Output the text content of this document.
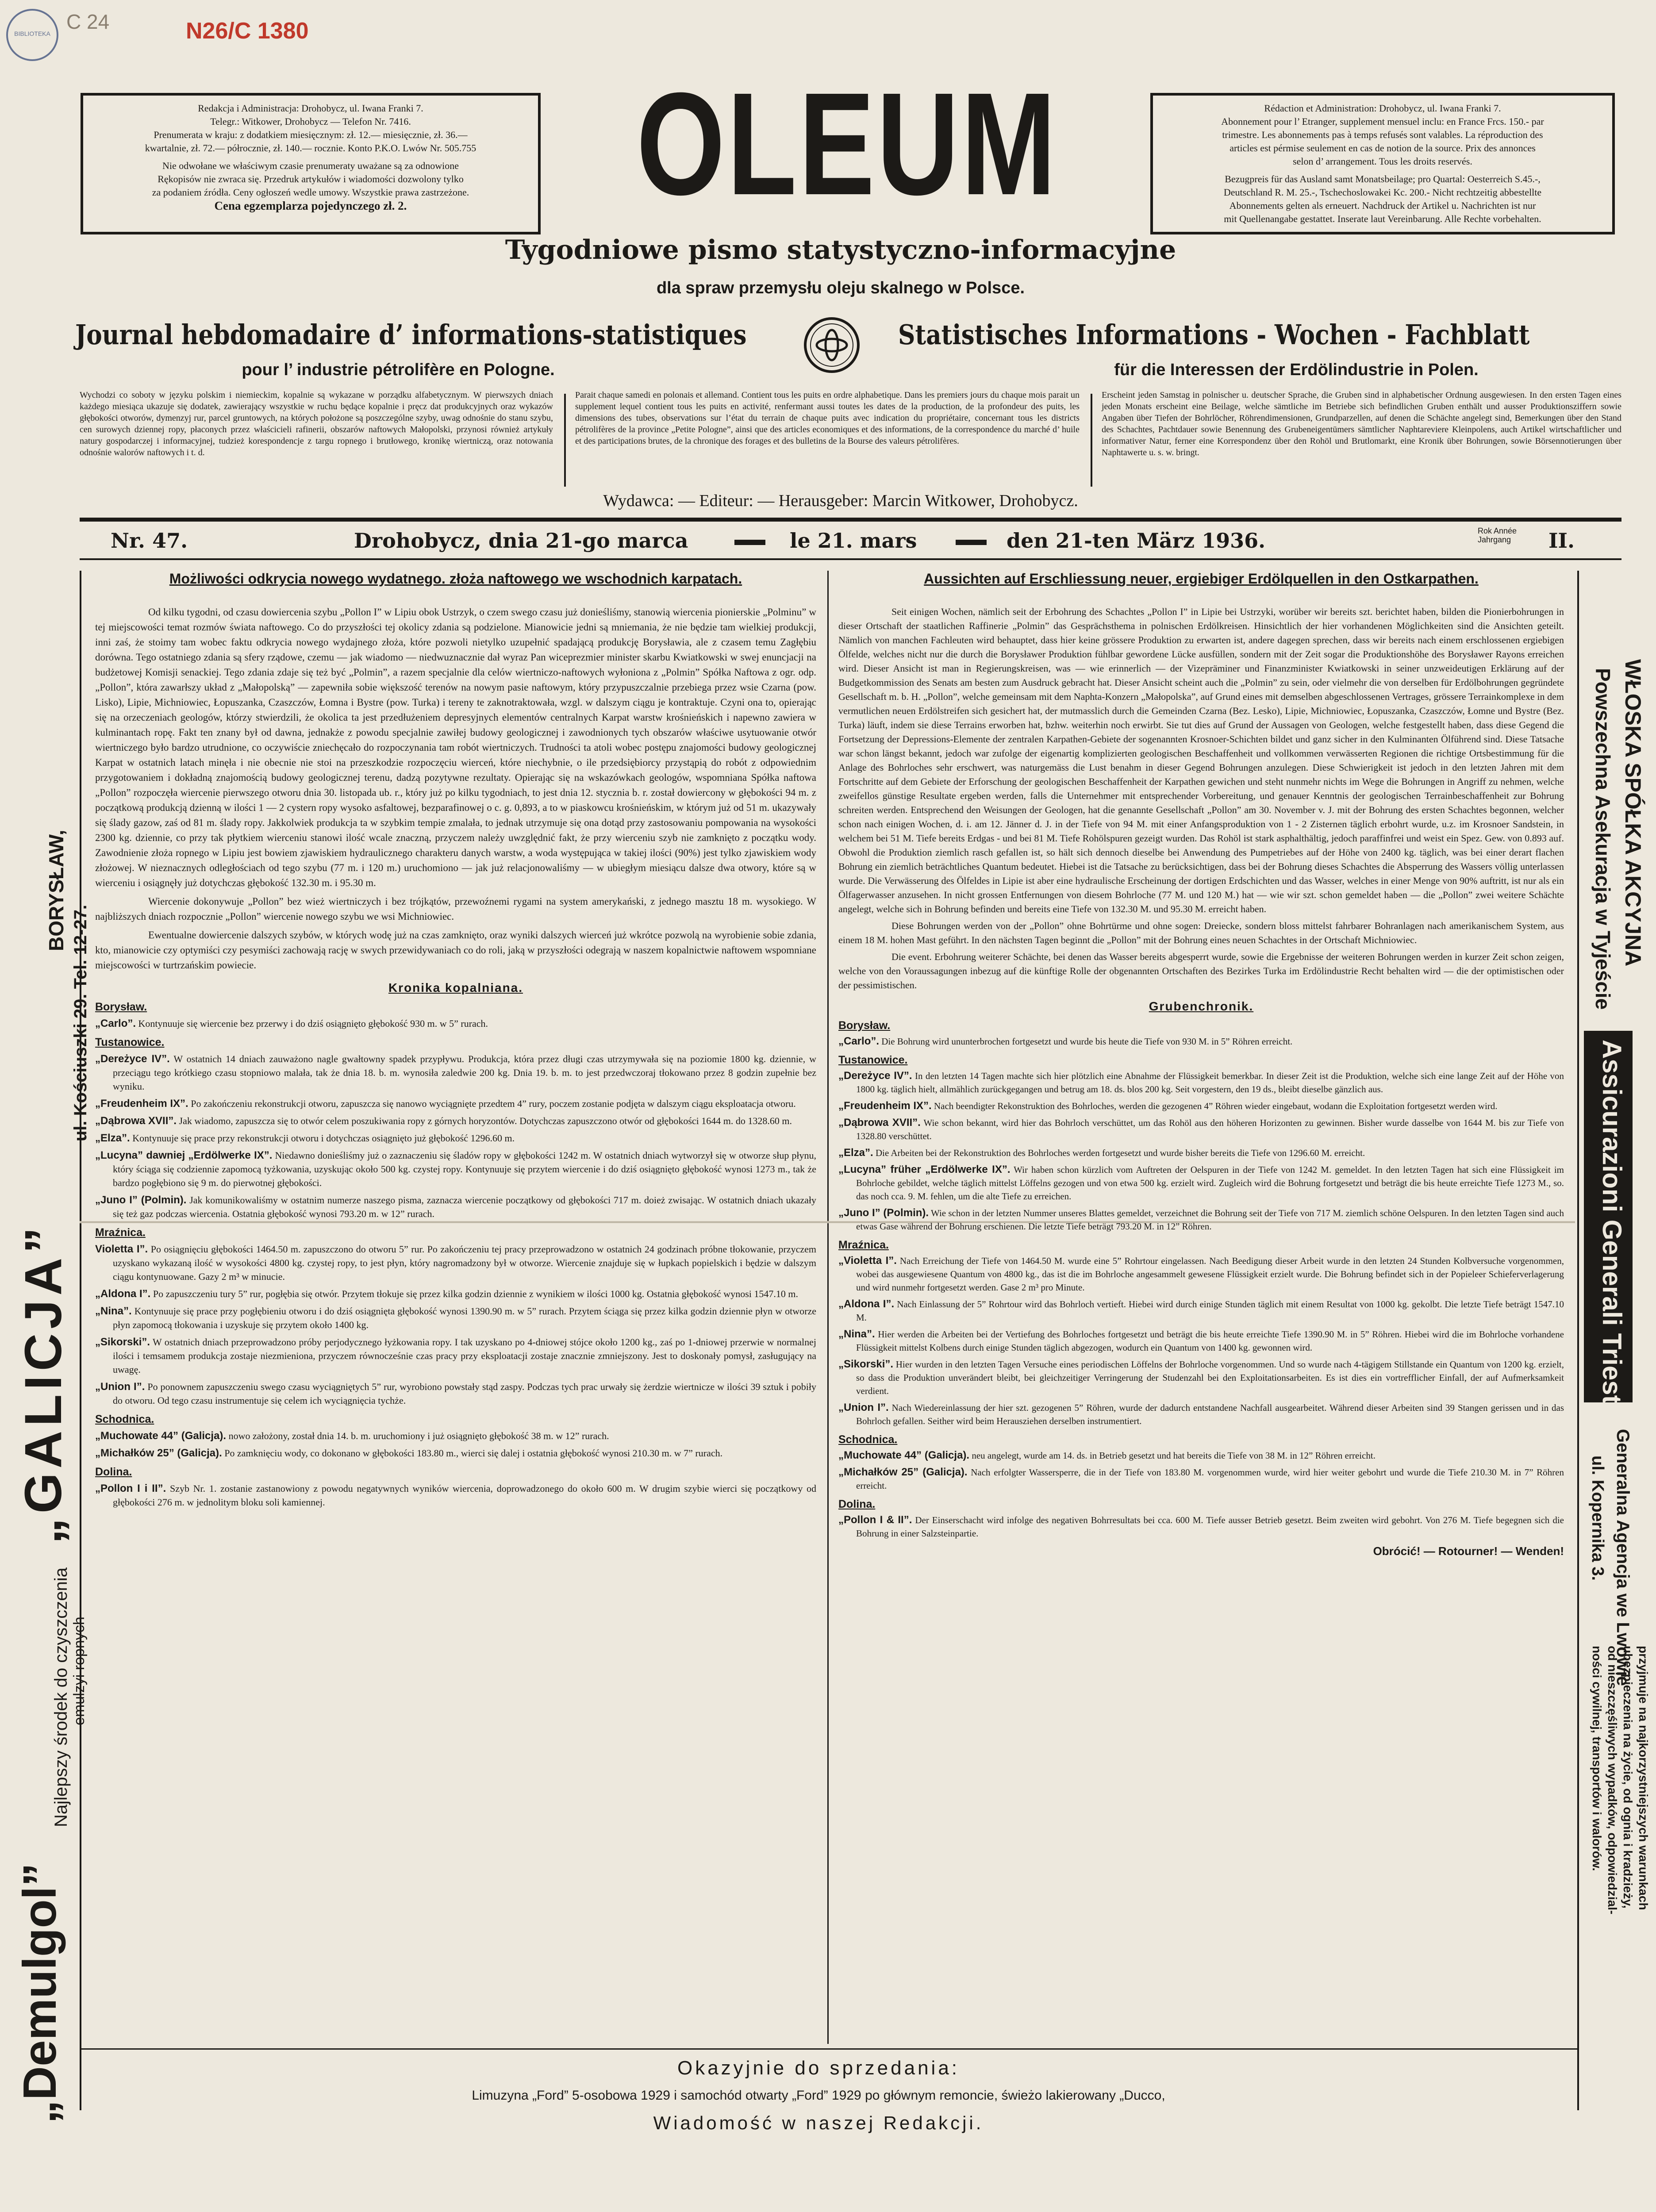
BIBLIOTEKA
C 24	N26/C 1380
Redakcja i Administracja: Drohobycz, ul. Iwana Franki 7.
Telegr.: Witkower, Drohobycz — Telefon Nr. 7416.
Prenumerata w kraju: z dodatkiem miesięcznym: zł. 12.— miesięcznie, zł. 36.—
kwartalnie, zł. 72.— półrocznie, zł. 140.— rocznie. Konto P.K.O. Lwów Nr. 505.755
Nie odwołane we właściwym czasie prenumeraty uważane są za odnowione
Rękopisów nie zwraca się. Przedruk artykułów i wiadomości dozwolony tylko
za podaniem źródła. Ceny ogłoszeń wedle umowy. Wszystkie prawa zastrzeżone.
Cena egzemplarza pojedynczego zł. 2.
Rédaction et Administration: Drohobycz, ul. Iwana Franki 7.
Abonnement pour l’ Etranger, supplement mensuel inclu: en France Frcs. 150.- par
trimestre. Les abonnements pas à temps refusés sont valables. La réproduction des
articles est pérmise seulement en cas de notion de la source. Prix des annonces
selon d’ arrangement. Tous les droits reservés.
Bezugpreis für das Ausland samt Monatsbeilage; pro Quartal: Oesterreich S.45.-,
Deutschland R. M. 25.-, Tschechoslowakei Kc. 200.- Nicht rechtzeitig abbestellte
Abonnements gelten als erneuert. Nachdruck der Artikel u. Nachrichten ist nur
mit Quellenangabe gestattet. Inserate laut Vereinbarung. Alle Rechte vorbehalten.
OLEUM
Tygodniowe pismo statystyczno-informacyjne
dla spraw przemysłu oleju skalnego w Polsce.
Journal hebdomadaire d’ informations-statistiques
pour l’ industrie pétrolifère en Pologne.
Statistisches Informations - Wochen - Fachblatt
für die Interessen der Erdölindustrie in Polen.
Wychodzi co soboty w języku polskim i niemieckim, kopalnie są wykazane w porządku alfabetycznym. W pierwszych dniach każdego miesiąca ukazuje się dodatek, zawierający wszystkie w ruchu będące kopalnie i pręcz dat produkcyjnych oraz wykazów głębokości otworów, dymenzyj rur, parcel gruntowych, na których położone są poszczególne szyby, uwag odnośnie do stanu szybu, cen surowych dziennej ropy, płaconych przez właścicieli rafinerii, obszarów naftowych Małopolski, przynosi również artykuły natury gospodarczej i informacyjnej, tudzież korespondencje z targu ropnego i brutłowego, kronikę wiertniczą, oraz notowania odnośnie walorów naftowych i t. d.
Parait chaque samedi en polonais et allemand. Contient tous les puits en ordre alphabetique. Dans les premiers jours du chaque mois parait un supplement lequel contient tous les puits en activité, renfermant aussi toutes les dates de la production, de la profondeur des puits, les dimensions des tubes, observations sur l’état du terrain de chaque puits avec indication du propriétaire, concernant tous les districts pétrolifères de la province „Petite Pologne”, ainsi que des articles economiques et des informations, de la correspondence du marché d’ huile et des participations brutes, de la chronique des forages et des bulletins de la Bourse des valeurs pétrolifères.
Erscheint jeden Samstag in polnischer u. deutscher Sprache, die Gruben sind in alphabetischer Ordnung ausgewiesen. In den ersten Tagen eines jeden Monats erscheint eine Beilage, welche sämtliche im Betriebe sich befindlichen Gruben enthält und ausser Produktionsziffern sowie Angaben über Tiefen der Bohrlöcher, Röhrendimensionen, Grundparzellen, auf denen die Schächte angelegt sind, Bemerkungen über den Stand des Schachtes, Pachtdauer sowie Benennung des Grubeneigentümers sämtlicher Naphtareviere Kleinpolens, auch Artikel wirtschaftlicher und informativer Natur, ferner eine Korrespondenz über den Rohöl und Brutlomarkt, eine Kronik über Bohrungen, sowie Börsennotierungen über Naphtawerte u. s. w. bringt.
Wydawca: — Editeur: — Herausgeber: Marcin Witkower, Drohobycz.
Nr. 47.	Drohobycz, dnia 21-go marca	le 21. mars	den 21-ten März 1936.	Rok Année Jahrgang	II.
BORYSŁAW,
ul. Kościuszki 29. Tel. 12-27.
„GALICJA”
„Demulgol”
Najlepszy środek do czyszczenia emulzyi ropnych
WŁOSKA SPÓŁKA AKCYJNA
Powszechna Asekuracja w Tyjeście
Assicurazioni Generali Trieste
Generalna Agencja we Lwowie
ul. Kopernika 3.
przyjmuje na najkorzystniejszych warunkach
ubezpieczenia na życie, od ognia i kradzieży,
od nieszczęśliwych wypadków, odpowiedzial-
ności cywilnej, transportów i walorów.
Możliwości odkrycia nowego wydatnego. złoża naftowego we wschodnich karpatach.
Od kilku tygodni, od czasu dowiercenia szybu „Pollon I” w Lipiu obok Ustrzyk, o czem swego czasu już donieśliśmy, stanowią wiercenia pionierskie „Polminu” w tej miejscowości temat rozmów świata naftowego. Co do przyszłości tej okolicy zdania są podzielone. Mianowicie jedni są mniemania, że nie będzie tam wielkiej produkcji, inni zaś, że stoimy tam wobec faktu odkrycia nowego wydajnego złoża, które pozwoli nietylko uzupełnić spadającą produkcję Borysławia, ale z czasem temu Zagłębiu dorówna. Tego ostatniego zdania są sfery rządowe, czemu — jak wiadomo — niedwuznacznie dał wyraz Pan wiceprezmier minister skarbu Kwiatkowski w swej enuncjacji na budżetowej Komisji senackiej. Tego zdania zdaje się też być „Polmin”, a razem specjalnie dla celów wiertniczo-naftowych wyłoniona z „Polmin” Spółka Naftowa z ogr. odp. „Pollon”, która zawarłszy układ z „Małopolską” — zapewniła sobie większość terenów na nowym pasie naftowym, który przypuszczalnie przebiega przez wsie Czarna (pow. Lisko), Lipie, Michniowiec, Łopuszanka, Czaszczów, Łomna i Bystre (pow. Turka) i tereny te zaknotraktowała, wzgl. w dalszym ciągu je kontraktuje. Czyni ona to, opierając się na orzeczeniach geologów, którzy stwierdzili, że okolica ta jest przedłużeniem depresyjnych elementów centralnych Karpat warstw krośnieńskich i napewno zawiera w kulminantach ropę. Fakt ten znany był od dawna, jednakże z powodu specjalnie zawiłej budowy geologicznej i zawodnionych tych obszarów właściwe usytuowanie otwór wiertniczego było bardzo utrudnione, co oczywiście zniechęcało do rozpoczynania tam robót wiertniczych. Trudności ta atoli wobec postępu znajomości budowy geologicznej Karpat w ostatnich latach minęła i nie obecnie nie stoi na przeszkodzie rozpoczęciu wierceń, które niechybnie, o ile przedsiębiorcy przystąpią do robót z odpowiednim przygotowaniem i dokładną znajomością budowy geologicznej terenu, dadzą pozytywne rezultaty. Opierając się na wskazówkach geologów, wspomniana Spółka naftowa „Pollon” rozpoczęła wiercenie pierwszego otworu dnia 30. listopada ub. r., który już po kilku tygodniach, to jest dnia 12. stycznia b. r. został dowiercony w głębokości 94 m. z początkową produkcją dzienną w ilości 1 — 2 cystern ropy wysoko asfaltowej, bezparafinowej o c. g. 0,893, a to w piaskowcu krośnieńskim, w którym już od 51 m. ukazywały się ślady gazow, zaś od 81 m. ślady ropy. Jakkolwiek produkcja ta w szybkim tempie zmalała, to jednak utrzymuje się ona dotąd przy zastosowaniu pompowania na wysokości 2300 kg. dziennie, co przy tak płytkiem wierceniu stanowi ilość wcale znaczną, przyczem należy uwzględnić fakt, że przy wierceniu szyb nie zamknięto z początku wody. Zawodnienie złoża ropnego w Lipiu jest bowiem zjawiskiem hydraulicznego charakteru danych warstw, a woda występująca w takiej ilości (90%) jest tylko zjawiskiem wody złożowej. W nieznacznych odległościach od tego szybu (77 m. i 120 m.) uruchomiono — jak już relacjonowaliśmy — w ubiegłym miesiącu dalsze dwa otwory, które są w wierceniu i osiągnęły już dotychczas głębokość 132.30 m. i 95.30 m.
Wiercenie dokonywuje „Pollon” bez wież wiertniczych i bez trójkątów, przewoźnemi rygami na system amerykański, z jednego masztu 18 m. wysokiego. W najbliższych dniach rozpocznie „Pollon” wiercenie nowego szybu we wsi Michniowiec.
Ewentualne dowiercenie dalszych szybów, w których wodę już na czas zamknięto, oraz wyniki dalszych wierceń już wkrótce pozwolą na wyrobienie sobie zdania, kto, mianowicie czy optymiści czy pesymiści zachowają rację w swych przewidywaniach co do roli, jaką w przyszłości odegrają w naszem kopalnictwie naftowem wspomniane miejscowości w turtrzańskim powiecie.
Kronika kopalniana.
Borysław.
„Carlo”. Kontynuuje się wiercenie bez przerwy i do dziś osiągnięto głębokość 930 m. w 5” rurach.
Tustanowice.
„Dereżyce IV”. W ostatnich 14 dniach zauważono nagle gwałtowny spadek przypływu. Produkcja, która przez długi czas utrzymywała się na poziomie 1800 kg. dziennie, w przeciągu tego krótkiego czasu stopniowo malała, tak że dnia 18. b. m. wynosiła zaledwie 200 kg. Dnia 19. b. m. to jest przedwczoraj tłokowano przez 8 godzin zupełnie bez wyniku.
„Freudenheim IX”. Po zakończeniu rekonstrukcji otworu, zapuszcza się nanowo wyciągnięte przedtem 4” rury, poczem zostanie podjęta w dalszym ciągu eksploatacja otworu.
„Dąbrowa XVII”. Jak wiadomo, zapuszcza się to otwór celem poszukiwania ropy z górnych horyzontów. Dotychczas zapuszczono otwór od głębokości 1644 m. do 1328.60 m.
„Elza”. Kontynuuje się prace przy rekonstrukcji otworu i dotychczas osiągnięto już głębokość 1296.60 m.
„Lucyna” dawniej „Erdölwerke IX”. Niedawno donieśliśmy już o zaznaczeniu się śladów ropy w głębokości 1242 m. W ostatnich dniach wytworzył się w otworze słup płynu, który ściąga się codziennie zapomocą tyżkowania, uzyskując około 500 kg. czystej ropy. Kontynuuje się przytem wiercenie i do dziś osiągnięto głębokość wynosi 1273 m., tak że bardzo pogłębiono się 9 m. do pierwotnej głębokości.
„Juno I” (Polmin). Jak komunikowaliśmy w ostatnim numerze naszego pisma, zaznacza wiercenie początkowy od głębokości 717 m. doież zwisając. W ostatnich dniach ukazały się też gaz podczas wiercenia. Ostatnia głębokość wynosi 793.20 m. w 12” rurach.
Mraźnica.
Violetta I”. Po osiągnięciu głębokości 1464.50 m. zapuszczono do otworu 5” rur. Po zakończeniu tej pracy przeprowadzono w ostatnich 24 godzinach próbne tłokowanie, przyczem uzyskano wykazaną ilość w wysokości 4800 kg. czystej ropy, to jest płyn, który nagromadzony był w otworze. Wiercenie znajduje się w łupkach popielskich i będzie w dalszym ciągu kontynuowane. Gazy 2 m³ w minucie.
„Aldona I”. Po zapuszczeniu tury 5” rur, pogłębia się otwór. Przytem tłokuje się przez kilka godzin dziennie z wynikiem w ilości 1000 kg. Ostatnia głębokość wynosi 1547.10 m.
„Nina”. Kontynuuje się prace przy pogłębieniu otworu i do dziś osiągnięta głębokość wynosi 1390.90 m. w 5” rurach. Przytem ściąga się przez kilka godzin dziennie płyn w otworze płyn zapomocą tłokowania i uzyskuje się przytem około 1400 kg.
„Sikorski”. W ostatnich dniach przeprowadzono próby perjodycznego łyżkowania ropy. I tak uzyskano po 4-dniowej stójce około 1200 kg., zaś po 1-dniowej przerwie w normalnej ilości i temsamem produkcja zostaje niezmieniona, przyczem równocześnie czas pracy przy eksploatacji zostaje znacznie zmniejszony. Jest to doskonały pomysł, zasługujący na uwagę.
„Union I”. Po ponownem zapuszczeniu swego czasu wyciągniętych 5” rur, wyrobiono powstały stąd zaspy. Podczas tych prac urwały się żerdzie wiertnicze w ilości 39 sztuk i pobiły do otworu. Od tego czasu instrumentuje się celem ich wyciągnięcia tychże.
Schodnica.
„Muchowate 44” (Galicja). nowo założony, został dnia 14. b. m. uruchomiony i już osiągnięto głębokość 38 m. w 12” rurach.
„Michałków 25” (Galicja). Po zamknięciu wody, co dokonano w głębokości 183.80 m., wierci się dalej i ostatnia głębokość wynosi 210.30 m. w 7” rurach.
Dolina.
„Pollon I i II”. Szyb Nr. 1. zostanie zastanowiony z powodu negatywnych wyników wiercenia, doprowadzonego do około 600 m. W drugim szybie wierci się początkowy od głębokości 276 m. w jednolitym bloku soli kamiennej.
Aussichten auf Erschliessung neuer, ergiebiger Erdölquellen in den Ostkarpathen.
Seit einigen Wochen, nämlich seit der Erbohrung des Schachtes „Pollon I” in Lipie bei Ustrzyki, worüber wir bereits szt. berichtet haben, bilden die Pionierbohrungen in dieser Ortschaft der staatlichen Raffinerie „Polmin” das Gesprächsthema in polnischen Erdölkreisen. Hinsichtlich der hier vorhandenen Möglichkeiten sind die Ansichten geteilt. Nämlich von manchen Fachleuten wird behauptet, dass hier keine grössere Produktion zu erwarten ist, andere dagegen sprechen, dass wir bereits nach einem erschlossenen ergiebigen Ölfelde, welches nicht nur die durch die Borysławer Produktion fühlbar gewordene Lücke ausfüllen, sondern mit der Zeit sogar die Produktionshöhe des Borysławer Rayons erreichen wird. Dieser Ansicht ist man in Regierungskreisen, was — wie erinnerlich — der Vizepräminer und Finanzminister Kwiatkowski in seiner unzweideutigen Erklärung auf der Budgetkommission des Senats am besten zum Ausdruck gebracht hat. Dieser Ansicht scheint auch die „Polmin” zu sein, oder vielmehr die von derselben für Erdölbohrungen gegründete Gesellschaft m. b. H. „Pollon”, welche gemeinsam mit dem Naphta-Konzern „Małopolska”, auf Grund eines mit demselben abgeschlossenen Vertrages, grössere Terrainkomplexe in dem vermutlichen neuen Erdölstreifen sich gesichert hat, der mutmasslich durch die Gemeinden Czarna (Bez. Lesko), Lipie, Michniowiec, Łopuszanka, Czaszczów, Łomne und Bystre (Bez. Turka) läuft, indem sie diese Terrains erworben hat, bzhw. weiterhin noch erwirbt. Sie tut dies auf Grund der Aussagen von Geologen, welche festgestellt haben, dass diese Gegend die Fortsetzung der Depressions-Elemente der zentralen Karpathen-Gebiete der sogenannten Krosnoer-Schichten bildet und ganz sicher in den Kulminanten Ölführend sind. Diese Tatsache war schon längst bekannt, jedoch war zufolge der eigenartig komplizierten geologischen Beschaffenheit und vollkommen verwässerten Regionen die richtige Ortsbestimmung für die Anlage des Bohrloches sehr erschwert, was naturgemäss die Lust benahm in dieser Gegend Bohrungen anzulegen. Diese Schwierigkeit ist jedoch in den letzten Jahren mit dem Fortschritte auf dem Gebiete der Erforschung der geologischen Beschaffenheit der Karpathen gewichen und steht nunmehr nichts im Wege die Bohrungen in Angriff zu nehmen, welche zweifellos günstige Resultate ergeben werden, falls die Unternehmer mit entsprechender Vorbereitung, und genauer Kenntnis der geologischen Terrainbeschaffenheit zur Bohrung schreiten werden. Entsprechend den Weisungen der Geologen, hat die genannte Gesellschaft „Pollon” am 30. November v. J. mit der Bohrung des ersten Schachtes begonnen, welcher schon nach einigen Wochen, d. i. am 12. Jänner d. J. in der Tiefe von 94 M. mit einer Anfangsproduktion von 1 - 2 Zisternen täglich erbohrt wurde, u.z. im Krosnoer Sandstein, in welchem bei 51 M. Tiefe bereits Erdgas - und bei 81 M. Tiefe Rohölspuren gezeigt wurden. Das Rohöl ist stark asphalthältig, jedoch paraffinfrei und weist ein Spez. Gew. von 0.893 auf. Obwohl die Produktion ziemlich rasch gefallen ist, so hält sich dennoch dieselbe bei Anwendung des Pumpetriebes auf der Höhe von 2400 kg. täglich, was bei einer derart flachen Bohrung ein ziemlich beträchtliches Quantum bedeutet. Hiebei ist die Tatsache zu berücksichtigen, dass bei der Bohrung dieses Schachtes die Absperrung des Wassers völlig unterlassen wurde. Die Verwässerung des Ölfeldes in Lipie ist aber eine hydraulische Erscheinung der dortigen Erdschichten und das Wasser, welches in einer Menge von 90% auftritt, ist nur als ein Ölfagerwasser anzusehen. In nicht grossen Entfernungen von diesem Bohrloche (77 M. und 120 M.) hat — wie wir szt. schon gemeldet haben — die „Pollon” zwei weitere Schächte angelegt, welche sich in Bohrung befinden und bereits eine Tiefe von 132.30 M. und 95.30 M. erreicht haben.
Diese Bohrungen werden von der „Pollon” ohne Bohrtürme und ohne sogen: Dreiecke, sondern bloss mittelst fahrbarer Bohranlagen nach amerikanischem System, aus einem 18 M. hohen Mast geführt. In den nächsten Tagen beginnt die „Pollon” mit der Bohrung eines neuen Schachtes in der Ortschaft Michniowiec.
Die event. Erbohrung weiterer Schächte, bei denen das Wasser bereits abgesperrt wurde, sowie die Ergebnisse der weiteren Bohrungen werden in kurzer Zeit schon zeigen, welche von den Voraussagungen inbezug auf die künftige Rolle der obgenannten Ortschaften des Bezirkes Turka im Erdölindustrie Recht behalten wird — die der optimistischen oder der pessimistischen.
Grubenchronik.
Borysław.
„Carlo”. Die Bohrung wird ununterbrochen fortgesetzt und wurde bis heute die Tiefe von 930 M. in 5” Röhren erreicht.
Tustanowice.
„Dereżyce IV”. In den letzten 14 Tagen machte sich hier plötzlich eine Abnahme der Flüssigkeit bemerkbar. In dieser Zeit ist die Produktion, welche sich eine lange Zeit auf der Höhe von 1800 kg. täglich hielt, allmählich zurückgegangen und betrug am 18. ds. blos 200 kg. Seit vorgestern, den 19 ds., bleibt dieselbe gänzlich aus.
„Freudenheim IX”. Nach beendigter Rekonstruktion des Bohrloches, werden die gezogenen 4” Röhren wieder eingebaut, wodann die Exploitation fortgesetzt werden wird.
„Dąbrowa XVII”. Wie schon bekannt, wird hier das Bohrloch verschüttet, um das Rohöl aus den höheren Horizonten zu gewinnen. Bisher wurde dasselbe von 1644 M. bis zur Tiefe von 1328.80 verschüttet.
„Elza”. Die Arbeiten bei der Rekonstruktion des Bohrloches werden fortgesetzt und wurde bisher bereits die Tiefe von 1296.60 M. erreicht.
„Lucyna” früher „Erdölwerke IX”. Wir haben schon kürzlich vom Auftreten der Oelspuren in der Tiefe von 1242 M. gemeldet. In den letzten Tagen hat sich eine Flüssigkeit im Bohrloche gebildet, welche täglich mittelst Löffelns gezogen und von etwa 500 kg. erzielt wird. Zugleich wird die Bohrung fortgesetzt und beträgt die bis heute erreichte Tiefe 1273 M., so. das noch cca. 9. M. fehlen, um die alte Tiefe zu erreichen.
„Juno I” (Polmin). Wie schon in der letzten Nummer unseres Blattes gemeldet, verzeichnet die Bohrung seit der Tiefe von 717 M. ziemlich schöne Oelspuren. In den letzten Tagen sind auch etwas Gase während der Bohrung erschienen. Die letzte Tiefe beträgt 793.20 M. in 12” Röhren.
Mraźnica.
„Violetta I”. Nach Erreichung der Tiefe von 1464.50 M. wurde eine 5” Rohrtour eingelassen. Nach Beedigung dieser Arbeit wurde in den letzten 24 Stunden Kolbversuche vorgenommen, wobei das ausgewiesene Quantum von 4800 kg., das ist die im Bohrloche angesammelt gewesene Flüssigkeit erzielt wurde. Die Bohrung befindet sich in der Popieleer Schieferverlagerung und wird nunmehr fortgesetzt werden. Gase 2 m³ pro Minute.
„Aldona I”. Nach Einlassung der 5” Rohrtour wird das Bohrloch vertieft. Hiebei wird durch einige Stunden täglich mit einem Resultat von 1000 kg. gekolbt. Die letzte Tiefe beträgt 1547.10 M.
„Nina”. Hier werden die Arbeiten bei der Vertiefung des Bohrloches fortgesetzt und beträgt die bis heute erreichte Tiefe 1390.90 M. in 5” Röhren. Hiebei wird die im Bohrloche vorhandene Flüssigkeit mittelst Kolbens durch einige Stunden täglich abgezogen, wodurch ein Quantum von 1400 kg. gewonnen wird.
„Sikorski”. Hier wurden in den letzten Tagen Versuche eines periodischen Löffelns der Bohrloche vorgenommen. Und so wurde nach 4-tägigem Stillstande ein Quantum von 1200 kg. erzielt, so dass die Produktion unverändert bleibt, bei gleichzeitiger Verringerung der Studenzahl bei den Exploitationsarbeiten. Es ist dies ein vortrefflicher Einfall, der auf Aufmerksamkeit verdient.
„Union I”. Nach Wiedereinlassung der hier szt. gezogenen 5” Röhren, wurde der dadurch entstandene Nachfall ausgearbeitet. Während dieser Arbeiten sind 39 Stangen gerissen und in das Bohrloch gefallen. Seither wird beim Herausziehen derselben instrumentiert.
Schodnica.
„Muchowate 44” (Galicja). neu angelegt, wurde am 14. ds. in Betrieb gesetzt und hat bereits die Tiefe von 38 M. in 12” Röhren erreicht.
„Michałków 25” (Galicja). Nach erfolgter Wassersperre, die in der Tiefe von 183.80 M. vorgenommen wurde, wird hier weiter gebohrt und wurde die Tiefe 210.30 M. in 7” Röhren erreicht.
Dolina.
„Pollon I & II”. Der Einserschacht wird infolge des negativen Bohrresultats bei cca. 600 M. Tiefe ausser Betrieb gesetzt. Beim zweiten wird gebohrt. Von 276 M. Tiefe begegnen sich die Bohrung in einer Salzsteinpartie.
Obrócić! — Rotourner! — Wenden!
Okazyjnie do sprzedania:
Limuzyna „Ford” 5-osobowa 1929 i samochód otwarty „Ford” 1929 po głównym remoncie, świeżo lakierowany „Ducco,
Wiadomość w naszej Redakcji.
